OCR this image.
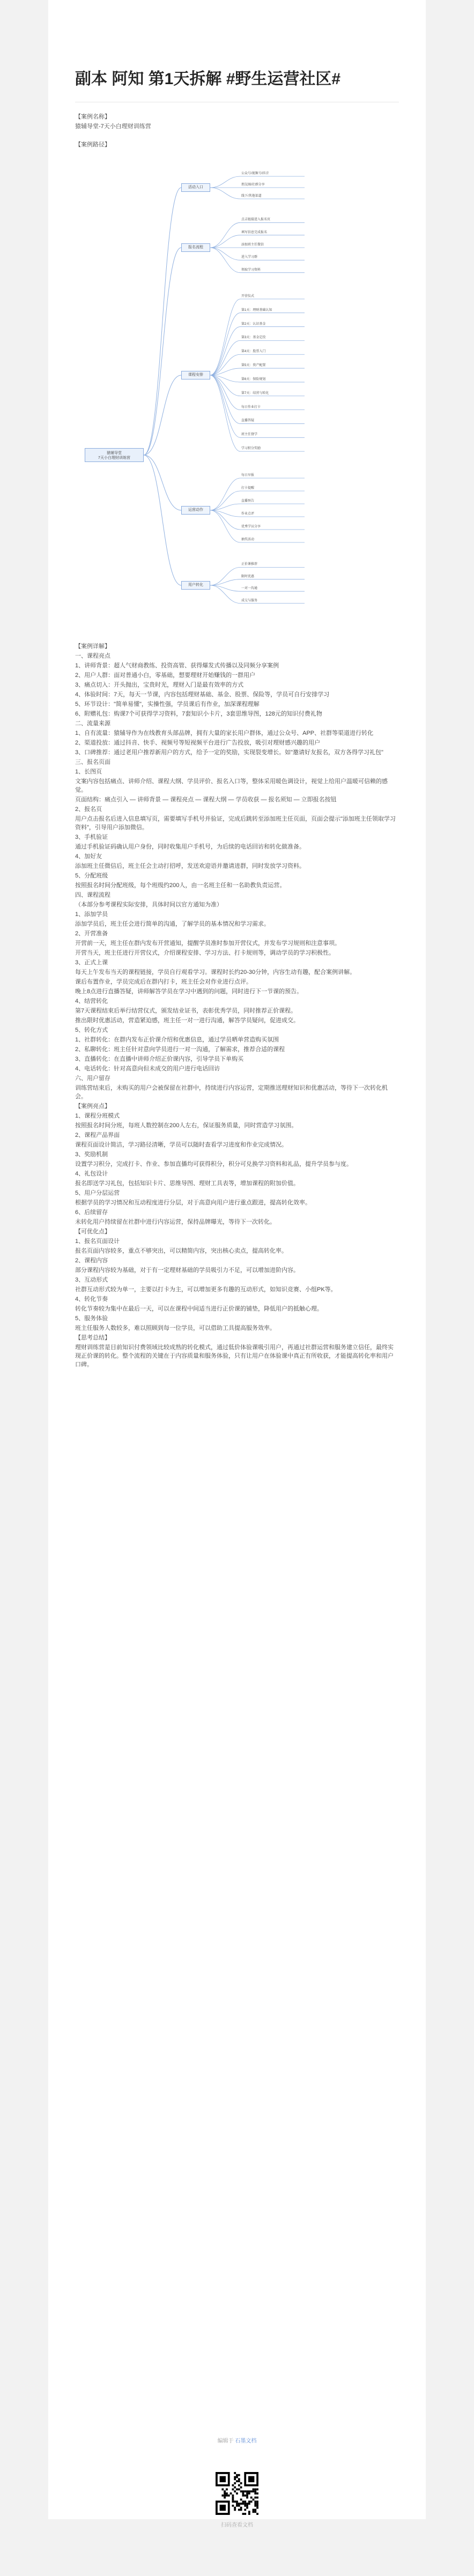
副本 阿知 第1天拆解 #野生运营社区#

【案例名称】

猿辅导堂-7天小白理财训练营

【案例路径】

猿辅导堂
7天小白理财训练营
活动入口
公众号/视频号/抖音
朋友圈/社群分享
线下/其他渠道
报名流程
点击链接进入报名页
填写信息完成报名
添加班主任微信
进入学习群
领取学习资料
课程安排
开营仪式
第1天：理财基础认知
第2天：认识基金
第3天：基金定投
第4天：股票入门
第5天：资产配置
第6天：保险规划
第7天：结营与转化
每日作业打卡
直播答疑
班主任督学
学习积分奖励
运营动作
每日早报
打卡提醒
直播预告
作业点评
优秀学员分享
抽奖活动
用户转化
正价课推荐
限时优惠
一对一沟通
成交与服务

【案例详解】

一、课程亮点

1、讲师背景：超人气财商教练、投资高管、获得爆发式传播以及同频分享案例

2、用户人群：面对普通小白，零基础，想要理财开始赚钱的一群用户

3、痛点切入：开头抛出，宝贵时光，理财入门是最有效率的方式

4、体验时间：7天，每天一节课，内容包括理财基础、基金、股票、保险等，学员可自行安排学习

5、环节设计："简单易懂"，实操性强，学员课后有作业，加深课程理解

6、附赠礼包：购课7个可获得学习资料，7套知识小卡片，3套思维导图，128元的知识付费礼物

二、流量来源

1、自有流量：猿辅导作为在线教育头部品牌，拥有大量的家长用户群体，通过公众号、APP、社群等渠道进行转化

2、渠道投放：通过抖音、快手、视频号等短视频平台进行广告投放，吸引对理财感兴趣的用户

3、口碑推荐：通过老用户推荐新用户的方式，给予一定的奖励，实现裂变增长。如"邀请好友报名，双方各得学习礼包"

三、报名页面

1、长图页

文案内容包括痛点、讲师介绍、课程大纲、学员评价、报名入口等，整体采用暖色调设计，视觉上给用户温暖可信赖的感觉。

页面结构：痛点引入 — 讲师背景 — 课程亮点 — 课程大纲 — 学员收获 — 报名须知 — 立即报名按钮

2、报名页

用户点击报名后进入信息填写页，需要填写手机号并验证，完成后跳转至添加班主任页面，页面会提示"添加班主任领取学习资料"，引导用户添加微信。

3、手机验证

通过手机验证码确认用户身份，同时收集用户手机号，为后续的电话回访和转化做准备。

4、加好友

添加班主任微信后，班主任会主动打招呼，发送欢迎语并邀请进群，同时发放学习资料。

5、分配班级

按照报名时间分配班级，每个班级约200人，由一名班主任和一名助教负责运营。

四、课程流程

（本部分参考课程实际安排，具体时间以官方通知为准）

1、添加学员

添加学员后，班主任会进行简单的沟通，了解学员的基本情况和学习需求。

2、开营准备

开营前一天，班主任在群内发布开营通知，提醒学员准时参加开营仪式，并发布学习规则和注意事项。

开营当天，班主任进行开营仪式，介绍课程安排、学习方法、打卡规则等，调动学员的学习积极性。

3、正式上课

每天上午发布当天的课程链接，学员自行观看学习。课程时长约20-30分钟，内容生动有趣，配合案例讲解。

课后布置作业，学员完成后在群内打卡，班主任会对作业进行点评。

晚上8点进行直播答疑，讲师解答学员在学习中遇到的问题，同时进行下一节课的预告。

4、结营转化

第7天课程结束后举行结营仪式，颁发结业证书，表彰优秀学员，同时推荐正价课程。

推出限时优惠活动，营造紧迫感，班主任一对一进行沟通，解答学员疑问，促进成交。

5、转化方式

1、社群转化：在群内发布正价课介绍和优惠信息，通过学员晒单营造购买氛围

2、私聊转化：班主任针对意向学员进行一对一沟通，了解需求，推荐合适的课程

3、直播转化：在直播中讲师介绍正价课内容，引导学员下单购买

4、电话转化：针对高意向但未成交的用户进行电话回访

六、用户留存

训练营结束后，未购买的用户会被保留在社群中，持续进行内容运营，定期推送理财知识和优惠活动，等待下一次转化机会。

【案例亮点】

1、课程分班模式

按照报名时间分班，每班人数控制在200人左右，保证服务质量，同时营造学习氛围。

2、课程产品界面

课程页面设计简洁，学习路径清晰，学员可以随时查看学习进度和作业完成情况。

3、奖励机制

设置学习积分，完成打卡、作业、参加直播均可获得积分，积分可兑换学习资料和礼品，提升学员参与度。

4、礼包设计

报名即送学习礼包，包括知识卡片、思维导图、理财工具表等，增加课程的附加价值。

5、用户分层运营

根据学员的学习情况和互动程度进行分层，对于高意向用户进行重点跟进，提高转化效率。

6、后续留存

未转化用户持续留在社群中进行内容运营，保持品牌曝光，等待下一次转化。

【可优化点】

1、报名页面设计

报名页面内容较多，重点不够突出，可以精简内容，突出核心卖点，提高转化率。

2、课程内容

部分课程内容较为基础，对于有一定理财基础的学员吸引力不足，可以增加进阶内容。

3、互动形式

社群互动形式较为单一，主要以打卡为主，可以增加更多有趣的互动形式，如知识竞赛、小组PK等。

4、转化节奏

转化节奏较为集中在最后一天，可以在课程中间适当进行正价课的铺垫，降低用户的抵触心理。

5、服务体验

班主任服务人数较多，难以照顾到每一位学员，可以借助工具提高服务效率。

【思考总结】

理财训练营是目前知识付费领域比较成熟的转化模式，通过低价体验课吸引用户，再通过社群运营和服务建立信任，最终实现正价课的转化。整个流程的关键在于内容质量和服务体验，只有让用户在体验课中真正有所收获，才能提高转化率和用户口碑。

编辑于 石墨文档
扫码查看文档
